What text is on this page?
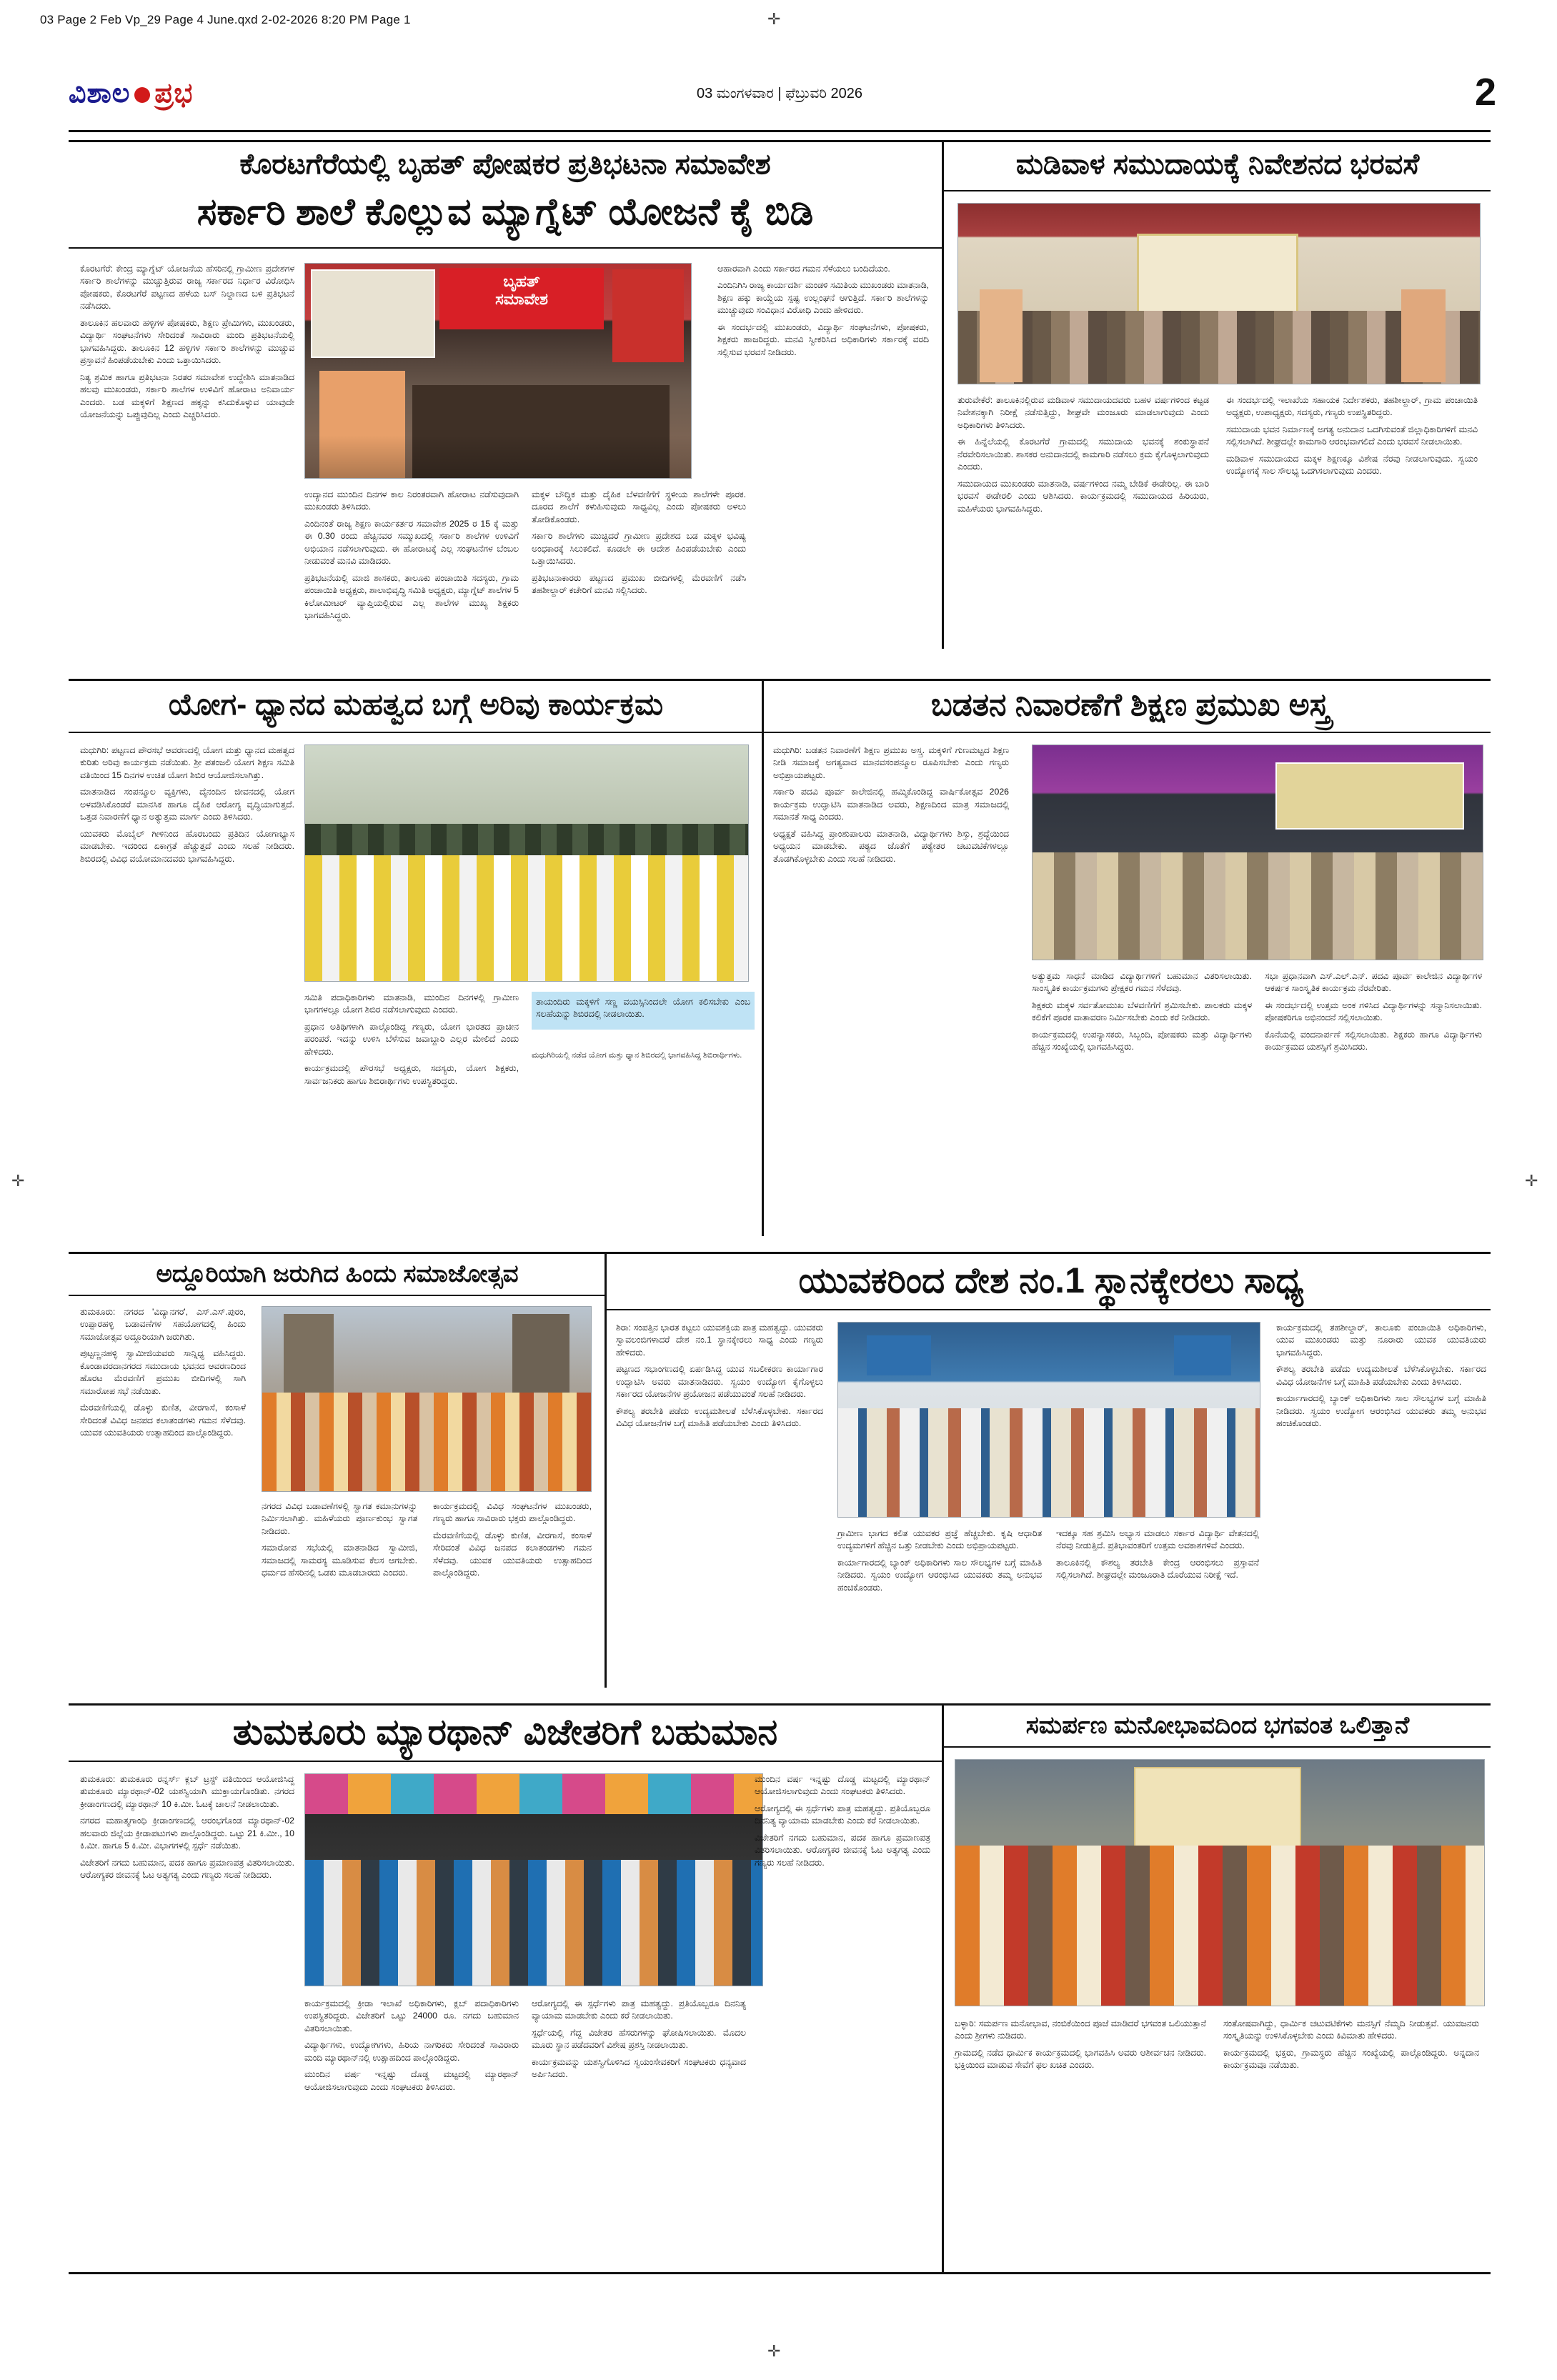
03 Page 2 Feb Vp_29 Page 4 June.qxd 2-02-2026 8:20 PM Page 1	✛
✛	✛
✛
ವಿಶಾಲ ಪ್ರಭ	03 ಮಂಗಳವಾರ | ಫೆಬ್ರುವರಿ 2026	2
ಕೊರಟಗೆರೆಯಲ್ಲಿ ಬೃಹತ್ ಪೋಷಕರ ಪ್ರತಿಭಟನಾ ಸಮಾವೇಶ
ಸರ್ಕಾರಿ ಶಾಲೆ ಕೊಲ್ಲುವ ಮ್ಯಾಗ್ನೆಟ್ ಯೋಜನೆ ಕೈ ಬಿಡಿ
ಬೃಹತ್
ಸಮಾವೇಶ

ಕೊರಟಗೆರೆ: ಕೇಂದ್ರ ಮ್ಯಾಗ್ನೆಟ್ ಯೋಜನೆಯ ಹೆಸರಿನಲ್ಲಿ ಗ್ರಾಮೀಣ ಪ್ರದೇಶಗಳ ಸರ್ಕಾರಿ ಶಾಲೆಗಳನ್ನು ಮುಚ್ಚುತ್ತಿರುವ ರಾಜ್ಯ ಸರ್ಕಾರದ ನಿರ್ಧಾರ ವಿರೋಧಿಸಿ ಪೋಷಕರು, ಕೊರಟಗೆರೆ ಪಟ್ಟಣದ ಹಳೆಯ ಬಸ್ ನಿಲ್ದಾಣದ ಬಳಿ ಪ್ರತಿಭಟನೆ ನಡೆಸಿದರು.

ತಾಲೂಕಿನ ಹಲವಾರು ಹಳ್ಳಿಗಳ ಪೋಷಕರು, ಶಿಕ್ಷಣ ಪ್ರೇಮಿಗಳು, ಮುಖಂಡರು, ವಿದ್ಯಾರ್ಥಿ ಸಂಘಟನೆಗಳು ಸೇರಿದಂತೆ ಸಾವಿರಾರು ಮಂದಿ ಪ್ರತಿಭಟನೆಯಲ್ಲಿ ಭಾಗವಹಿಸಿದ್ದರು. ತಾಲೂಕಿನ 12 ಹಳ್ಳಿಗಳ ಸರ್ಕಾರಿ ಶಾಲೆಗಳನ್ನು ಮುಚ್ಚುವ ಪ್ರಸ್ತಾವನೆ ಹಿಂಪಡೆಯಬೇಕು ಎಂದು ಒತ್ತಾಯಿಸಿದರು.

ನಿತ್ಯ ಶ್ರಮಿಕ ಹಾಗೂ ಪ್ರತಿಭಟನಾ ನಿರತರ ಸಮಾವೇಶ ಉದ್ದೇಶಿಸಿ ಮಾತನಾಡಿದ ಹಲವು ಮುಖಂಡರು, ಸರ್ಕಾರಿ ಶಾಲೆಗಳ ಉಳಿವಿಗೆ ಹೋರಾಟ ಅನಿವಾರ್ಯ ಎಂದರು. ಬಡ ಮಕ್ಕಳಿಗೆ ಶಿಕ್ಷಣದ ಹಕ್ಕನ್ನು ಕಸಿದುಕೊಳ್ಳುವ ಯಾವುದೇ ಯೋಜನೆಯನ್ನು ಒಪ್ಪುವುದಿಲ್ಲ ಎಂದು ಎಚ್ಚರಿಸಿದರು.

ಉದ್ಯಾನದ ಮುಂದಿನ ದಿನಗಳ ಕಾಲ ನಿರಂತರವಾಗಿ ಹೋರಾಟ ನಡೆಸುವುದಾಗಿ ಮುಖಂಡರು ತಿಳಿಸಿದರು.

ಎಂದಿನಂತೆ ರಾಜ್ಯ ಶಿಕ್ಷಣ ಕಾರ್ಯಕರ್ತರ ಸಮಾವೇಶ 2025 ರ 15 ಕ್ಕೆ ಮತ್ತು ಈ 0.30 ರಂದು ಹೆಚ್ಚಿನವರ ಸಮ್ಮುಖದಲ್ಲಿ ಸರ್ಕಾರಿ ಶಾಲೆಗಳ ಉಳಿವಿಗೆ ಅಭಿಯಾನ ನಡೆಸಲಾಗುವುದು. ಈ ಹೋರಾಟಕ್ಕೆ ಎಲ್ಲ ಸಂಘಟನೆಗಳ ಬೆಂಬಲ ನೀಡುವಂತೆ ಮನವಿ ಮಾಡಿದರು.

ಪ್ರತಿಭಟನೆಯಲ್ಲಿ ಮಾಜಿ ಶಾಸಕರು, ತಾಲೂಕು ಪಂಚಾಯಿತಿ ಸದಸ್ಯರು, ಗ್ರಾಮ ಪಂಚಾಯಿತಿ ಅಧ್ಯಕ್ಷರು, ಶಾಲಾಭಿವೃದ್ಧಿ ಸಮಿತಿ ಅಧ್ಯಕ್ಷರು, ಮ್ಯಾಗ್ನೆಟ್ ಶಾಲೆಗಳ 5 ಕಿಲೋಮೀಟರ್ ವ್ಯಾಪ್ತಿಯಲ್ಲಿರುವ ಎಲ್ಲ ಶಾಲೆಗಳ ಮುಖ್ಯ ಶಿಕ್ಷಕರು ಭಾಗವಹಿಸಿದ್ದರು.

ಮಕ್ಕಳ ಬೌದ್ಧಿಕ ಮತ್ತು ದೈಹಿಕ ಬೆಳವಣಿಗೆಗೆ ಸ್ಥಳೀಯ ಶಾಲೆಗಳೇ ಪೂರಕ. ದೂರದ ಶಾಲೆಗೆ ಕಳುಹಿಸುವುದು ಸಾಧ್ಯವಿಲ್ಲ ಎಂದು ಪೋಷಕರು ಅಳಲು ತೋಡಿಕೊಂಡರು.

ಸರ್ಕಾರಿ ಶಾಲೆಗಳು ಮುಚ್ಚಿದರೆ ಗ್ರಾಮೀಣ ಪ್ರದೇಶದ ಬಡ ಮಕ್ಕಳ ಭವಿಷ್ಯ ಅಂಧಕಾರಕ್ಕೆ ಸಿಲುಕಲಿದೆ. ಕೂಡಲೇ ಈ ಆದೇಶ ಹಿಂಪಡೆಯಬೇಕು ಎಂದು ಒತ್ತಾಯಿಸಿದರು.

ಪ್ರತಿಭಟನಾಕಾರರು ಪಟ್ಟಣದ ಪ್ರಮುಖ ಬೀದಿಗಳಲ್ಲಿ ಮೆರವಣಿಗೆ ನಡೆಸಿ ತಹಶೀಲ್ದಾರ್ ಕಚೇರಿಗೆ ಮನವಿ ಸಲ್ಲಿಸಿದರು.

ಆಹಾರವಾಗಿ ಎಂದು ಸರ್ಕಾರದ ಗಮನ ಸೆಳೆಯಲು ಬಂದಿದೆಯಂ.

ಎಂದಿನಿಗಿಸಿ ರಾಜ್ಯ ಕಾರ್ಯದರ್ಶಿ ಮಂಡಳಿ ಸಮಿತಿಯ ಮುಖಂಡರು ಮಾತನಾಡಿ, ಶಿಕ್ಷಣ ಹಕ್ಕು ಕಾಯ್ದೆಯ ಸ್ಪಷ್ಟ ಉಲ್ಲಂಘನೆ ಆಗುತ್ತಿದೆ. ಸರ್ಕಾರಿ ಶಾಲೆಗಳನ್ನು ಮುಚ್ಚುವುದು ಸಂವಿಧಾನ ವಿರೋಧಿ ಎಂದು ಹೇಳಿದರು.

ಈ ಸಂದರ್ಭದಲ್ಲಿ ಮುಖಂಡರು, ವಿದ್ಯಾರ್ಥಿ ಸಂಘಟನೆಗಳು, ಪೋಷಕರು, ಶಿಕ್ಷಕರು ಹಾಜರಿದ್ದರು. ಮನವಿ ಸ್ವೀಕರಿಸಿದ ಅಧಿಕಾರಿಗಳು ಸರ್ಕಾರಕ್ಕೆ ವರದಿ ಸಲ್ಲಿಸುವ ಭರವಸೆ ನೀಡಿದರು.

ಮಡಿವಾಳ ಸಮುದಾಯಕ್ಕೆ ನಿವೇಶನದ ಭರವಸೆ

ತುರುವೇಕೆರೆ: ತಾಲೂಕಿನಲ್ಲಿರುವ ಮಡಿವಾಳ ಸಮುದಾಯದವರು ಬಹಳ ವರ್ಷಗಳಿಂದ ಕಟ್ಟಡ ನಿವೇಶನಕ್ಕಾಗಿ ನಿರೀಕ್ಷೆ ನಡೆಸುತ್ತಿದ್ದು, ಶೀಘ್ರವೇ ಮಂಜೂರು ಮಾಡಲಾಗುವುದು ಎಂದು ಅಧಿಕಾರಿಗಳು ತಿಳಿಸಿದರು.

ಈ ಹಿನ್ನೆಲೆಯಲ್ಲಿ ಕೊರಟಗೆರೆ ಗ್ರಾಮದಲ್ಲಿ ಸಮುದಾಯ ಭವನಕ್ಕೆ ಶಂಕುಸ್ಥಾಪನೆ ನೆರವೇರಿಸಲಾಯಿತು. ಶಾಸಕರ ಅನುದಾನದಲ್ಲಿ ಕಾಮಗಾರಿ ನಡೆಸಲು ಕ್ರಮ ಕೈಗೊಳ್ಳಲಾಗುವುದು ಎಂದರು.

ಸಮುದಾಯದ ಮುಖಂಡರು ಮಾತನಾಡಿ, ವರ್ಷಗಳಿಂದ ನಮ್ಮ ಬೇಡಿಕೆ ಈಡೇರಿಲ್ಲ. ಈ ಬಾರಿ ಭರವಸೆ ಈಡೇರಲಿ ಎಂದು ಆಶಿಸಿದರು. ಕಾರ್ಯಕ್ರಮದಲ್ಲಿ ಸಮುದಾಯದ ಹಿರಿಯರು, ಮಹಿಳೆಯರು ಭಾಗವಹಿಸಿದ್ದರು.

ಈ ಸಂದರ್ಭದಲ್ಲಿ ಇಲಾಖೆಯ ಸಹಾಯಕ ನಿರ್ದೇಶಕರು, ತಹಶೀಲ್ದಾರ್, ಗ್ರಾಮ ಪಂಚಾಯಿತಿ ಅಧ್ಯಕ್ಷರು, ಉಪಾಧ್ಯಕ್ಷರು, ಸದಸ್ಯರು, ಗಣ್ಯರು ಉಪಸ್ಥಿತರಿದ್ದರು.

ಸಮುದಾಯ ಭವನ ನಿರ್ಮಾಣಕ್ಕೆ ಅಗತ್ಯ ಅನುದಾನ ಒದಗಿಸುವಂತೆ ಜಿಲ್ಲಾಧಿಕಾರಿಗಳಿಗೆ ಮನವಿ ಸಲ್ಲಿಸಲಾಗಿದೆ. ಶೀಘ್ರದಲ್ಲೇ ಕಾಮಗಾರಿ ಆರಂಭವಾಗಲಿದೆ ಎಂದು ಭರವಸೆ ನೀಡಲಾಯಿತು.

ಮಡಿವಾಳ ಸಮುದಾಯದ ಮಕ್ಕಳ ಶಿಕ್ಷಣಕ್ಕೂ ವಿಶೇಷ ನೆರವು ನೀಡಲಾಗುವುದು. ಸ್ವಯಂ ಉದ್ಯೋಗಕ್ಕೆ ಸಾಲ ಸೌಲಭ್ಯ ಒದಗಿಸಲಾಗುವುದು ಎಂದರು.

ಯೋಗ- ಧ್ಯಾನದ ಮಹತ್ವದ ಬಗ್ಗೆ ಅರಿವು ಕಾರ್ಯಕ್ರಮ

ಮಧುಗಿರಿ: ಪಟ್ಟಣದ ಪೌರಸಭೆ ಆವರಣದಲ್ಲಿ ಯೋಗ ಮತ್ತು ಧ್ಯಾನದ ಮಹತ್ವದ ಕುರಿತು ಅರಿವು ಕಾರ್ಯಕ್ರಮ ನಡೆಯಿತು. ಶ್ರೀ ಪತಂಜಲಿ ಯೋಗ ಶಿಕ್ಷಣ ಸಮಿತಿ ವತಿಯಿಂದ 15 ದಿನಗಳ ಉಚಿತ ಯೋಗ ಶಿಬಿರ ಆಯೋಜಿಸಲಾಗಿತ್ತು.

ಮಾತನಾಡಿದ ಸಂಪನ್ಮೂಲ ವ್ಯಕ್ತಿಗಳು, ದೈನಂದಿನ ಜೀವನದಲ್ಲಿ ಯೋಗ ಅಳವಡಿಸಿಕೊಂಡರೆ ಮಾನಸಿಕ ಹಾಗೂ ದೈಹಿಕ ಆರೋಗ್ಯ ವೃದ್ಧಿಯಾಗುತ್ತದೆ. ಒತ್ತಡ ನಿವಾರಣೆಗೆ ಧ್ಯಾನ ಅತ್ಯುತ್ತಮ ಮಾರ್ಗ ಎಂದು ತಿಳಿಸಿದರು.

ಯುವಕರು ಮೊಬೈಲ್ ಗೀಳಿನಿಂದ ಹೊರಬಂದು ಪ್ರತಿದಿನ ಯೋಗಾಭ್ಯಾಸ ಮಾಡಬೇಕು. ಇದರಿಂದ ಏಕಾಗ್ರತೆ ಹೆಚ್ಚುತ್ತದೆ ಎಂದು ಸಲಹೆ ನೀಡಿದರು. ಶಿಬಿರದಲ್ಲಿ ವಿವಿಧ ವಯೋಮಾನದವರು ಭಾಗವಹಿಸಿದ್ದರು.

ಸಮಿತಿ ಪದಾಧಿಕಾರಿಗಳು ಮಾತನಾಡಿ, ಮುಂದಿನ ದಿನಗಳಲ್ಲಿ ಗ್ರಾಮೀಣ ಭಾಗಗಳಲ್ಲೂ ಯೋಗ ಶಿಬಿರ ನಡೆಸಲಾಗುವುದು ಎಂದರು.

ಪ್ರಧಾನ ಅತಿಥಿಗಳಾಗಿ ಪಾಲ್ಗೊಂಡಿದ್ದ ಗಣ್ಯರು, ಯೋಗ ಭಾರತದ ಪ್ರಾಚೀನ ಪರಂಪರೆ. ಇದನ್ನು ಉಳಿಸಿ ಬೆಳೆಸುವ ಜವಾಬ್ದಾರಿ ಎಲ್ಲರ ಮೇಲಿದೆ ಎಂದು ಹೇಳಿದರು.

ಕಾರ್ಯಕ್ರಮದಲ್ಲಿ ಪೌರಸಭೆ ಅಧ್ಯಕ್ಷರು, ಸದಸ್ಯರು, ಯೋಗ ಶಿಕ್ಷಕರು, ಸಾರ್ವಜನಿಕರು ಹಾಗೂ ಶಿಬಿರಾರ್ಥಿಗಳು ಉಪಸ್ಥಿತರಿದ್ದರು.

ತಾಯಂದಿರು ಮಕ್ಕಳಿಗೆ ಸಣ್ಣ ವಯಸ್ಸಿನಿಂದಲೇ ಯೋಗ ಕಲಿಸಬೇಕು ಎಂಬ ಸಲಹೆಯನ್ನು ಶಿಬಿರದಲ್ಲಿ ನೀಡಲಾಯಿತು.

ಮಧುಗಿರಿಯಲ್ಲಿ ನಡೆದ ಯೋಗ ಮತ್ತು ಧ್ಯಾನ ಶಿಬಿರದಲ್ಲಿ ಭಾಗವಹಿಸಿದ್ದ ಶಿಬಿರಾರ್ಥಿಗಳು.
ಬಡತನ ನಿವಾರಣೆಗೆ ಶಿಕ್ಷಣ ಪ್ರಮುಖ ಅಸ್ತ್ರ

ಮಧುಗಿರಿ: ಬಡತನ ನಿವಾರಣೆಗೆ ಶಿಕ್ಷಣ ಪ್ರಮುಖ ಅಸ್ತ್ರ. ಮಕ್ಕಳಿಗೆ ಗುಣಮಟ್ಟದ ಶಿಕ್ಷಣ ನೀಡಿ ಸಮಾಜಕ್ಕೆ ಅಗತ್ಯವಾದ ಮಾನವಸಂಪನ್ಮೂಲ ರೂಪಿಸಬೇಕು ಎಂದು ಗಣ್ಯರು ಅಭಿಪ್ರಾಯಪಟ್ಟರು.

ಸರ್ಕಾರಿ ಪದವಿ ಪೂರ್ವ ಕಾಲೇಜಿನಲ್ಲಿ ಹಮ್ಮಿಕೊಂಡಿದ್ದ ವಾರ್ಷಿಕೋತ್ಸವ 2026 ಕಾರ್ಯಕ್ರಮ ಉದ್ಘಾಟಿಸಿ ಮಾತನಾಡಿದ ಅವರು, ಶಿಕ್ಷಣದಿಂದ ಮಾತ್ರ ಸಮಾಜದಲ್ಲಿ ಸಮಾನತೆ ಸಾಧ್ಯ ಎಂದರು.

ಅಧ್ಯಕ್ಷತೆ ವಹಿಸಿದ್ದ ಪ್ರಾಂಶುಪಾಲರು ಮಾತನಾಡಿ, ವಿದ್ಯಾರ್ಥಿಗಳು ಶಿಸ್ತು, ಶ್ರದ್ಧೆಯಿಂದ ಅಧ್ಯಯನ ಮಾಡಬೇಕು. ಪಠ್ಯದ ಜೊತೆಗೆ ಪಠ್ಯೇತರ ಚಟುವಟಿಕೆಗಳಲ್ಲೂ ತೊಡಗಿಕೊಳ್ಳಬೇಕು ಎಂದು ಸಲಹೆ ನೀಡಿದರು.

ಅತ್ಯುತ್ತಮ ಸಾಧನೆ ಮಾಡಿದ ವಿದ್ಯಾರ್ಥಿಗಳಿಗೆ ಬಹುಮಾನ ವಿತರಿಸಲಾಯಿತು. ಸಾಂಸ್ಕೃತಿಕ ಕಾರ್ಯಕ್ರಮಗಳು ಪ್ರೇಕ್ಷಕರ ಗಮನ ಸೆಳೆದವು.

ಶಿಕ್ಷಕರು ಮಕ್ಕಳ ಸರ್ವತೋಮುಖ ಬೆಳವಣಿಗೆಗೆ ಶ್ರಮಿಸಬೇಕು. ಪಾಲಕರು ಮಕ್ಕಳ ಕಲಿಕೆಗೆ ಪೂರಕ ವಾತಾವರಣ ನಿರ್ಮಿಸಬೇಕು ಎಂದು ಕರೆ ನೀಡಿದರು.

ಕಾರ್ಯಕ್ರಮದಲ್ಲಿ ಉಪನ್ಯಾಸಕರು, ಸಿಬ್ಬಂದಿ, ಪೋಷಕರು ಮತ್ತು ವಿದ್ಯಾರ್ಥಿಗಳು ಹೆಚ್ಚಿನ ಸಂಖ್ಯೆಯಲ್ಲಿ ಭಾಗವಹಿಸಿದ್ದರು.

ಸಭಾ ಪ್ರಧಾನವಾಗಿ ಎಸ್.ಎಲ್.ಎನ್. ಪದವಿ ಪೂರ್ವ ಕಾಲೇಜಿನ ವಿದ್ಯಾರ್ಥಿಗಳ ಆಕರ್ಷಕ ಸಾಂಸ್ಕೃತಿಕ ಕಾರ್ಯಕ್ರಮ ನೆರವೇರಿತು.

ಈ ಸಂದರ್ಭದಲ್ಲಿ ಉತ್ತಮ ಅಂಕ ಗಳಿಸಿದ ವಿದ್ಯಾರ್ಥಿಗಳನ್ನು ಸನ್ಮಾನಿಸಲಾಯಿತು. ಪೋಷಕರಿಗೂ ಅಭಿನಂದನೆ ಸಲ್ಲಿಸಲಾಯಿತು.

ಕೊನೆಯಲ್ಲಿ ವಂದನಾರ್ಪಣೆ ಸಲ್ಲಿಸಲಾಯಿತು. ಶಿಕ್ಷಕರು ಹಾಗೂ ವಿದ್ಯಾರ್ಥಿಗಳು ಕಾರ್ಯಕ್ರಮದ ಯಶಸ್ಸಿಗೆ ಶ್ರಮಿಸಿದರು.

ಅದ್ದೂರಿಯಾಗಿ ಜರುಗಿದ ಹಿಂದು ಸಮಾಜೋತ್ಸವ

ತುಮಕೂರು: ನಗರದ 'ವಿದ್ಯಾನಗರ', ಎಸ್.ಎಸ್.ಪುರಂ, ಉಪ್ಪಾರಹಳ್ಳಿ ಬಡಾವಣೆಗಳ ಸಹಯೋಗದಲ್ಲಿ ಹಿಂದು ಸಮಾಜೋತ್ಸವ ಅದ್ದೂರಿಯಾಗಿ ಜರುಗಿತು.

ಪುಟ್ಟಣ್ಣನಹಳ್ಳಿ ಸ್ವಾಮೀಜಿಯವರು ಸಾನ್ನಿಧ್ಯ ವಹಿಸಿದ್ದರು. ಕೊಂಡಾವರದಾನಗರದ ಸಮುದಾಯ ಭವನದ ಆವರಣದಿಂದ ಹೊರಟ ಮೆರವಣಿಗೆ ಪ್ರಮುಖ ಬೀದಿಗಳಲ್ಲಿ ಸಾಗಿ ಸಮಾರೋಪ ಸಭೆ ನಡೆಯಿತು.

ಮೆರವಣಿಗೆಯಲ್ಲಿ ಡೊಳ್ಳು ಕುಣಿತ, ವೀರಗಾಸೆ, ಕಂಸಾಳೆ ಸೇರಿದಂತೆ ವಿವಿಧ ಜನಪದ ಕಲಾತಂಡಗಳು ಗಮನ ಸೆಳೆದವು. ಯುವಕ ಯುವತಿಯರು ಉತ್ಸಾಹದಿಂದ ಪಾಲ್ಗೊಂಡಿದ್ದರು.

ನಗರದ ವಿವಿಧ ಬಡಾವಣೆಗಳಲ್ಲಿ ಸ್ವಾಗತ ಕಮಾನುಗಳನ್ನು ನಿರ್ಮಿಸಲಾಗಿತ್ತು. ಮಹಿಳೆಯರು ಪೂರ್ಣಕುಂಭ ಸ್ವಾಗತ ನೀಡಿದರು.

ಸಮಾರೋಪ ಸಭೆಯಲ್ಲಿ ಮಾತನಾಡಿದ ಸ್ವಾಮೀಜಿ, ಸಮಾಜದಲ್ಲಿ ಸಾಮರಸ್ಯ ಮೂಡಿಸುವ ಕೆಲಸ ಆಗಬೇಕು. ಧರ್ಮದ ಹೆಸರಿನಲ್ಲಿ ಒಡಕು ಮೂಡಬಾರದು ಎಂದರು.

ಕಾರ್ಯಕ್ರಮದಲ್ಲಿ ವಿವಿಧ ಸಂಘಟನೆಗಳ ಮುಖಂಡರು, ಗಣ್ಯರು ಹಾಗೂ ಸಾವಿರಾರು ಭಕ್ತರು ಪಾಲ್ಗೊಂಡಿದ್ದರು.

ಮೆರವಣಿಗೆಯಲ್ಲಿ ಡೊಳ್ಳು ಕುಣಿತ, ವೀರಗಾಸೆ, ಕಂಸಾಳೆ ಸೇರಿದಂತೆ ವಿವಿಧ ಜನಪದ ಕಲಾತಂಡಗಳು ಗಮನ ಸೆಳೆದವು. ಯುವಕ ಯುವತಿಯರು ಉತ್ಸಾಹದಿಂದ ಪಾಲ್ಗೊಂಡಿದ್ದರು.

ಯುವಕರಿಂದ ದೇಶ ನಂ.1 ಸ್ಥಾನಕ್ಕೇರಲು ಸಾಧ್ಯ

ಶಿರಾ: ಸಂಪತ್ತಿನ ಭಾರತ ಕಟ್ಟಲು ಯುವಶಕ್ತಿಯ ಪಾತ್ರ ಮಹತ್ವದ್ದು. ಯುವಕರು ಸ್ವಾವಲಂಬಿಗಳಾದರೆ ದೇಶ ನಂ.1 ಸ್ಥಾನಕ್ಕೇರಲು ಸಾಧ್ಯ ಎಂದು ಗಣ್ಯರು ಹೇಳಿದರು.

ಪಟ್ಟಣದ ಸಭಾಂಗಣದಲ್ಲಿ ಏರ್ಪಡಿಸಿದ್ದ ಯುವ ಸಬಲೀಕರಣ ಕಾರ್ಯಾಗಾರ ಉದ್ಘಾಟಿಸಿ ಅವರು ಮಾತನಾಡಿದರು. ಸ್ವಯಂ ಉದ್ಯೋಗ ಕೈಗೊಳ್ಳಲು ಸರ್ಕಾರದ ಯೋಜನೆಗಳ ಪ್ರಯೋಜನ ಪಡೆಯುವಂತೆ ಸಲಹೆ ನೀಡಿದರು.

ಕೌಶಲ್ಯ ತರಬೇತಿ ಪಡೆದು ಉದ್ಯಮಶೀಲತೆ ಬೆಳೆಸಿಕೊಳ್ಳಬೇಕು. ಸರ್ಕಾರದ ವಿವಿಧ ಯೋಜನೆಗಳ ಬಗ್ಗೆ ಮಾಹಿತಿ ಪಡೆಯಬೇಕು ಎಂದು ತಿಳಿಸಿದರು.

ಗ್ರಾಮೀಣ ಭಾಗದ ಕಲಿತ ಯುವಕರ ಪ್ರಜ್ಞೆ ಹೆಚ್ಚಬೇಕು. ಕೃಷಿ ಆಧಾರಿತ ಉದ್ಯಮಗಳಿಗೆ ಹೆಚ್ಚಿನ ಒತ್ತು ನೀಡಬೇಕು ಎಂದು ಅಭಿಪ್ರಾಯಪಟ್ಟರು.

ಕಾರ್ಯಾಗಾರದಲ್ಲಿ ಬ್ಯಾಂಕ್ ಅಧಿಕಾರಿಗಳು ಸಾಲ ಸೌಲಭ್ಯಗಳ ಬಗ್ಗೆ ಮಾಹಿತಿ ನೀಡಿದರು. ಸ್ವಯಂ ಉದ್ಯೋಗ ಆರಂಭಿಸಿದ ಯುವಕರು ತಮ್ಮ ಅನುಭವ ಹಂಚಿಕೊಂಡರು.

ಇದಕ್ಕೂ ಸಹ ಶ್ರಮಿಸಿ ಅಭ್ಯಾಸ ಮಾಡಲು ಸರ್ಕಾರ ವಿದ್ಯಾರ್ಥಿ ವೇತನದಲ್ಲಿ ನೆರವು ನೀಡುತ್ತಿದೆ. ಪ್ರತಿಭಾವಂತರಿಗೆ ಉತ್ತಮ ಅವಕಾಶಗಳಿವೆ ಎಂದರು.

ತಾಲೂಕಿನಲ್ಲಿ ಕೌಶಲ್ಯ ತರಬೇತಿ ಕೇಂದ್ರ ಆರಂಭಿಸಲು ಪ್ರಸ್ತಾವನೆ ಸಲ್ಲಿಸಲಾಗಿದೆ. ಶೀಘ್ರದಲ್ಲೇ ಮಂಜೂರಾತಿ ದೊರೆಯುವ ನಿರೀಕ್ಷೆ ಇದೆ.

ಕಾರ್ಯಕ್ರಮದಲ್ಲಿ ತಹಶೀಲ್ದಾರ್, ತಾಲೂಕು ಪಂಚಾಯಿತಿ ಅಧಿಕಾರಿಗಳು, ಯುವ ಮುಖಂಡರು ಮತ್ತು ನೂರಾರು ಯುವಕ ಯುವತಿಯರು ಭಾಗವಹಿಸಿದ್ದರು.

ಕೌಶಲ್ಯ ತರಬೇತಿ ಪಡೆದು ಉದ್ಯಮಶೀಲತೆ ಬೆಳೆಸಿಕೊಳ್ಳಬೇಕು. ಸರ್ಕಾರದ ವಿವಿಧ ಯೋಜನೆಗಳ ಬಗ್ಗೆ ಮಾಹಿತಿ ಪಡೆಯಬೇಕು ಎಂದು ತಿಳಿಸಿದರು.

ಕಾರ್ಯಾಗಾರದಲ್ಲಿ ಬ್ಯಾಂಕ್ ಅಧಿಕಾರಿಗಳು ಸಾಲ ಸೌಲಭ್ಯಗಳ ಬಗ್ಗೆ ಮಾಹಿತಿ ನೀಡಿದರು. ಸ್ವಯಂ ಉದ್ಯೋಗ ಆರಂಭಿಸಿದ ಯುವಕರು ತಮ್ಮ ಅನುಭವ ಹಂಚಿಕೊಂಡರು.

ತುಮಕೂರು ಮ್ಯಾರಥಾನ್ ವಿಜೇತರಿಗೆ ಬಹುಮಾನ

ತುಮಕೂರು: ತುಮಕೂರು ರನ್ನರ್ಸ್ ಕ್ಲಬ್ ಟ್ರಸ್ಟ್ ವತಿಯಿಂದ ಆಯೋಜಿಸಿದ್ದ ತುಮಕೂರು ಮ್ಯಾರಥಾನ್-02 ಯಶಸ್ವಿಯಾಗಿ ಮುಕ್ತಾಯಗೊಂಡಿತು. ನಗರದ ಕ್ರೀಡಾಂಗಣದಲ್ಲಿ ಮ್ಯಾರಥಾನ್ 10 ಕಿ.ಮೀ. ಓಟಕ್ಕೆ ಚಾಲನೆ ನೀಡಲಾಯಿತು.

ನಗರದ ಮಹಾತ್ಮಗಾಂಧಿ ಕ್ರೀಡಾಂಗಣದಲ್ಲಿ ಆರಂಭಗೊಂಡ ಮ್ಯಾರಥಾನ್-02 ಹಲವಾರು ಜಿಲ್ಲೆಯ ಕ್ರೀಡಾಪಟುಗಳು ಪಾಲ್ಗೊಂಡಿದ್ದರು. ಒಟ್ಟು 21 ಕಿ.ಮೀ., 10 ಕಿ.ಮೀ. ಹಾಗೂ 5 ಕಿ.ಮೀ. ವಿಭಾಗಗಳಲ್ಲಿ ಸ್ಪರ್ಧೆ ನಡೆಯಿತು.

ವಿಜೇತರಿಗೆ ನಗದು ಬಹುಮಾನ, ಪದಕ ಹಾಗೂ ಪ್ರಮಾಣಪತ್ರ ವಿತರಿಸಲಾಯಿತು. ಆರೋಗ್ಯಕರ ಜೀವನಕ್ಕೆ ಓಟ ಅತ್ಯಗತ್ಯ ಎಂದು ಗಣ್ಯರು ಸಲಹೆ ನೀಡಿದರು.

ಕಾರ್ಯಕ್ರಮದಲ್ಲಿ ಕ್ರೀಡಾ ಇಲಾಖೆ ಅಧಿಕಾರಿಗಳು, ಕ್ಲಬ್ ಪದಾಧಿಕಾರಿಗಳು ಉಪಸ್ಥಿತರಿದ್ದರು. ವಿಜೇತರಿಗೆ ಒಟ್ಟು 24000 ರೂ. ನಗದು ಬಹುಮಾನ ವಿತರಿಸಲಾಯಿತು.

ವಿದ್ಯಾರ್ಥಿಗಳು, ಉದ್ಯೋಗಿಗಳು, ಹಿರಿಯ ನಾಗರಿಕರು ಸೇರಿದಂತೆ ಸಾವಿರಾರು ಮಂದಿ ಮ್ಯಾರಥಾನ್‌ನಲ್ಲಿ ಉತ್ಸಾಹದಿಂದ ಪಾಲ್ಗೊಂಡಿದ್ದರು.

ಮುಂದಿನ ವರ್ಷ ಇನ್ನಷ್ಟು ದೊಡ್ಡ ಮಟ್ಟದಲ್ಲಿ ಮ್ಯಾರಥಾನ್ ಆಯೋಜಿಸಲಾಗುವುದು ಎಂದು ಸಂಘಟಕರು ತಿಳಿಸಿದರು.

ಆರೋಗ್ಯದಲ್ಲಿ ಈ ಸ್ಪರ್ಧೆಗಳು ಪಾತ್ರ ಮಹತ್ವದ್ದು. ಪ್ರತಿಯೊಬ್ಬರೂ ದಿನನಿತ್ಯ ವ್ಯಾಯಾಮ ಮಾಡಬೇಕು ಎಂದು ಕರೆ ನೀಡಲಾಯಿತು.

ಸ್ಪರ್ಧೆಯಲ್ಲಿ ಗೆದ್ದ ವಿಜೇತರ ಹೆಸರುಗಳನ್ನು ಘೋಷಿಸಲಾಯಿತು. ಮೊದಲ ಮೂರು ಸ್ಥಾನ ಪಡೆದವರಿಗೆ ವಿಶೇಷ ಪ್ರಶಸ್ತಿ ನೀಡಲಾಯಿತು.

ಕಾರ್ಯಕ್ರಮವನ್ನು ಯಶಸ್ವಿಗೊಳಿಸಿದ ಸ್ವಯಂಸೇವಕರಿಗೆ ಸಂಘಟಕರು ಧನ್ಯವಾದ ಅರ್ಪಿಸಿದರು.

ಮುಂದಿನ ವರ್ಷ ಇನ್ನಷ್ಟು ದೊಡ್ಡ ಮಟ್ಟದಲ್ಲಿ ಮ್ಯಾರಥಾನ್ ಆಯೋಜಿಸಲಾಗುವುದು ಎಂದು ಸಂಘಟಕರು ತಿಳಿಸಿದರು.

ಆರೋಗ್ಯದಲ್ಲಿ ಈ ಸ್ಪರ್ಧೆಗಳು ಪಾತ್ರ ಮಹತ್ವದ್ದು. ಪ್ರತಿಯೊಬ್ಬರೂ ದಿನನಿತ್ಯ ವ್ಯಾಯಾಮ ಮಾಡಬೇಕು ಎಂದು ಕರೆ ನೀಡಲಾಯಿತು.

ವಿಜೇತರಿಗೆ ನಗದು ಬಹುಮಾನ, ಪದಕ ಹಾಗೂ ಪ್ರಮಾಣಪತ್ರ ವಿತರಿಸಲಾಯಿತು. ಆರೋಗ್ಯಕರ ಜೀವನಕ್ಕೆ ಓಟ ಅತ್ಯಗತ್ಯ ಎಂದು ಗಣ್ಯರು ಸಲಹೆ ನೀಡಿದರು.

ಸಮರ್ಪಣ ಮನೋಭಾವದಿಂದ ಭಗವಂತ ಒಲಿತ್ತಾನೆ

ಬಳ್ಳಾರಿ: ಸಮರ್ಪಣ ಮನೋಭಾವ, ನಂಬಿಕೆಯಿಂದ ಪೂಜೆ ಮಾಡಿದರೆ ಭಗವಂತ ಒಲಿಯುತ್ತಾನೆ ಎಂದು ಶ್ರೀಗಳು ನುಡಿದರು.

ಗ್ರಾಮದಲ್ಲಿ ನಡೆದ ಧಾರ್ಮಿಕ ಕಾರ್ಯಕ್ರಮದಲ್ಲಿ ಭಾಗವಹಿಸಿ ಅವರು ಆಶೀರ್ವಚನ ನೀಡಿದರು. ಭಕ್ತಿಯಿಂದ ಮಾಡುವ ಸೇವೆಗೆ ಫಲ ಖಚಿತ ಎಂದರು.

ಸಂತೋಷವಾಗಿದ್ದು, ಧಾರ್ಮಿಕ ಚಟುವಟಿಕೆಗಳು ಮನಸ್ಸಿಗೆ ನೆಮ್ಮದಿ ನೀಡುತ್ತವೆ. ಯುವಜನರು ಸಂಸ್ಕೃತಿಯನ್ನು ಉಳಿಸಿಕೊಳ್ಳಬೇಕು ಎಂದು ಕಿವಿಮಾತು ಹೇಳಿದರು.

ಕಾರ್ಯಕ್ರಮದಲ್ಲಿ ಭಕ್ತರು, ಗ್ರಾಮಸ್ಥರು ಹೆಚ್ಚಿನ ಸಂಖ್ಯೆಯಲ್ಲಿ ಪಾಲ್ಗೊಂಡಿದ್ದರು. ಅನ್ನದಾನ ಕಾರ್ಯಕ್ರಮವೂ ನಡೆಯಿತು.
